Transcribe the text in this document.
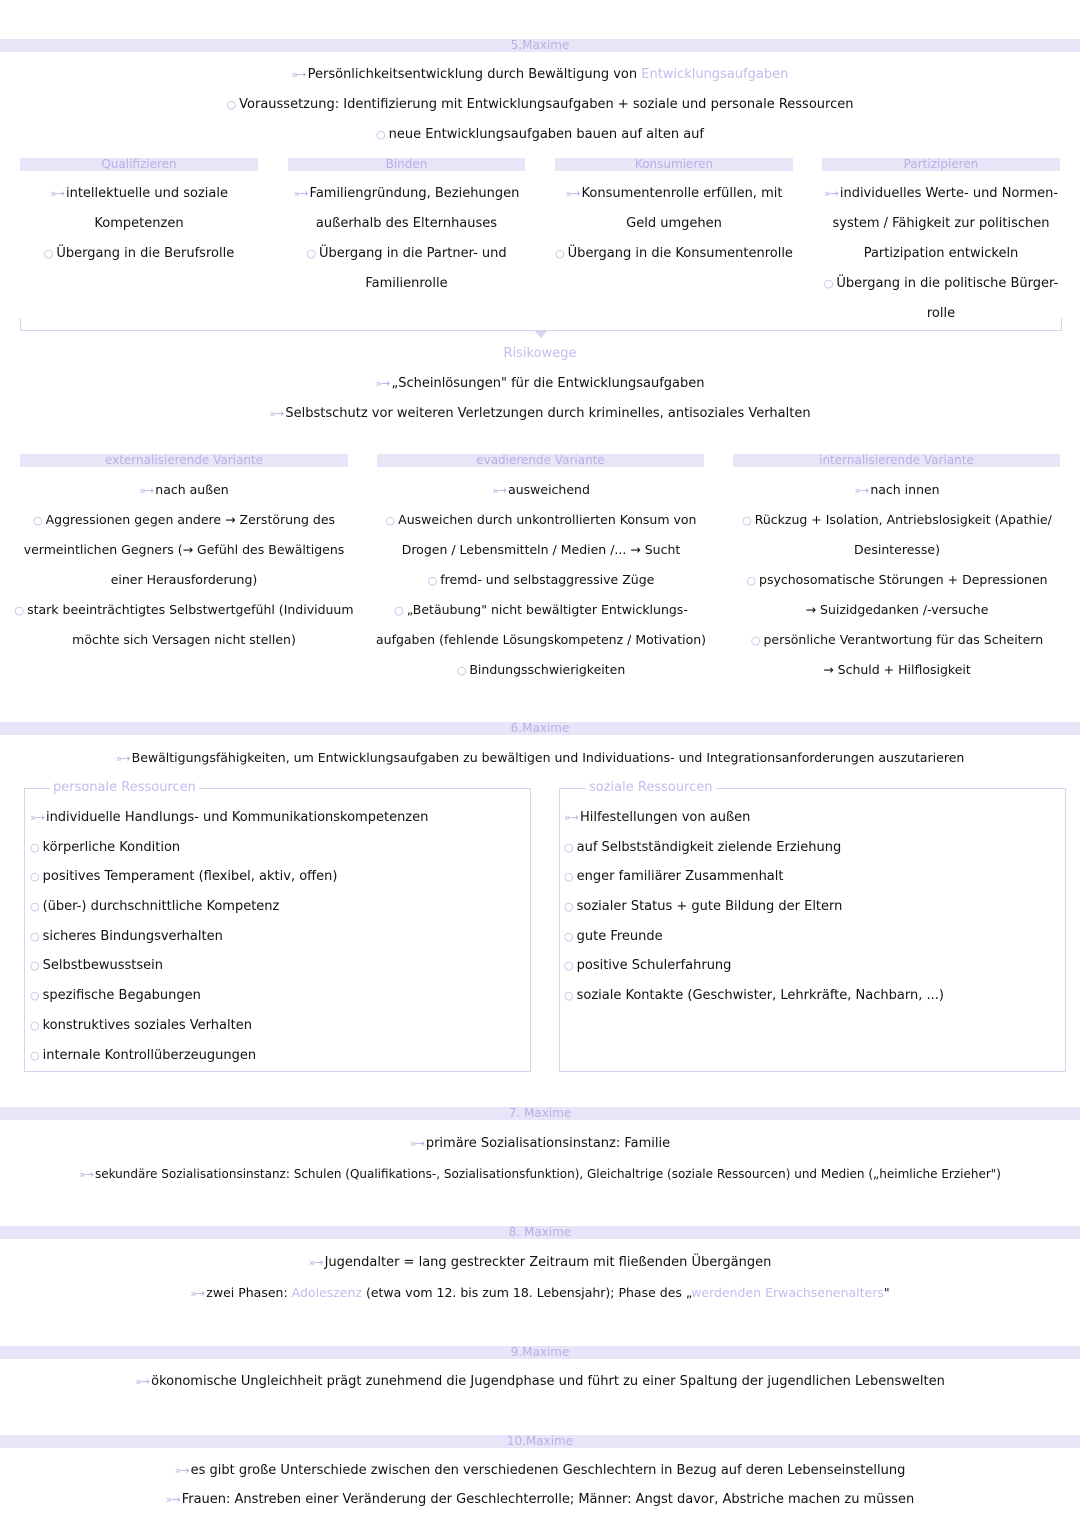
5.Maxime
»→ Persönlichkeitsentwicklung durch Bewältigung von Entwicklungsaufgaben
○ Voraussetzung: Identifizierung mit Entwicklungsaufgaben + soziale und personale Ressourcen
○ neue Entwicklungsaufgaben bauen auf alten auf
Qualifizieren	Binden	Konsumieren	Partizipieren
»→ intellektuelle und soziale
Kompetenzen
○ Übergang in die Berufsrolle
»→ Familiengründung, Beziehungen
außerhalb des Elternhauses
○ Übergang in die Partner- und
Familienrolle
»→ Konsumentenrolle erfüllen, mit
Geld umgehen
○ Übergang in die Konsumentenrolle
»→ individuelles Werte- und Normen-
system / Fähigkeit zur politischen
Partizipation entwickeln
○ Übergang in die politische Bürger-
rolle
Risikowege
»→ „Scheinlösungen" für die Entwicklungsaufgaben
»→ Selbstschutz vor weiteren Verletzungen durch kriminelles, antisoziales Verhalten
externalisierende Variante	evadierende Variante	internalisierende Variante
»→ nach außen
○ Aggressionen gegen andere → Zerstörung des
vermeintlichen Gegners (→ Gefühl des Bewältigens
einer Herausforderung)
○ stark beeinträchtigtes Selbstwertgefühl (Individuum
möchte sich Versagen nicht stellen)
»→ ausweichend
○ Ausweichen durch unkontrollierten Konsum von
Drogen / Lebensmitteln / Medien /... → Sucht
○ fremd- und selbstaggressive Züge
○ „Betäubung" nicht bewältigter Entwicklungs-
aufgaben (fehlende Lösungskompetenz / Motivation)
○ Bindungsschwierigkeiten
»→ nach innen
○ Rückzug + Isolation, Antriebslosigkeit (Apathie/
Desinteresse)
○ psychosomatische Störungen + Depressionen
→ Suizidgedanken /-versuche
○ persönliche Verantwortung für das Scheitern
→ Schuld + Hilflosigkeit
6.Maxime
»→ Bewältigungsfähigkeiten, um Entwicklungsaufgaben zu bewältigen und Individuations- und Integrationsanforderungen auszutarieren
personale Ressourcen
»→ individuelle Handlungs- und Kommunikationskompetenzen
○ körperliche Kondition
○ positives Temperament (flexibel, aktiv, offen)
○ (über-) durchschnittliche Kompetenz
○ sicheres Bindungsverhalten
○ Selbstbewusstsein
○ spezifische Begabungen
○ konstruktives soziales Verhalten
○ internale Kontrollüberzeugungen
soziale Ressourcen
»→ Hilfestellungen von außen
○ auf Selbstständigkeit zielende Erziehung
○ enger familiärer Zusammenhalt
○ sozialer Status + gute Bildung der Eltern
○ gute Freunde
○ positive Schulerfahrung
○ soziale Kontakte (Geschwister, Lehrkräfte, Nachbarn, ...)
7. Maxime
»→ primäre Sozialisationsinstanz: Familie
»→ sekundäre Sozialisationsinstanz: Schulen (Qualifikations-, Sozialisationsfunktion), Gleichaltrige (soziale Ressourcen) und Medien („heimliche Erzieher")
8. Maxime
»→ Jugendalter = lang gestreckter Zeitraum mit fließenden Übergängen
»→ zwei Phasen: Adoleszenz (etwa vom 12. bis zum 18. Lebensjahr); Phase des „werdenden Erwachsenenalters"
9.Maxime
»→ ökonomische Ungleichheit prägt zunehmend die Jugendphase und führt zu einer Spaltung der jugendlichen Lebenswelten
10.Maxime
»→ es gibt große Unterschiede zwischen den verschiedenen Geschlechtern in Bezug auf deren Lebenseinstellung
»→ Frauen: Anstreben einer Veränderung der Geschlechterrolle; Männer: Angst davor, Abstriche machen zu müssen
